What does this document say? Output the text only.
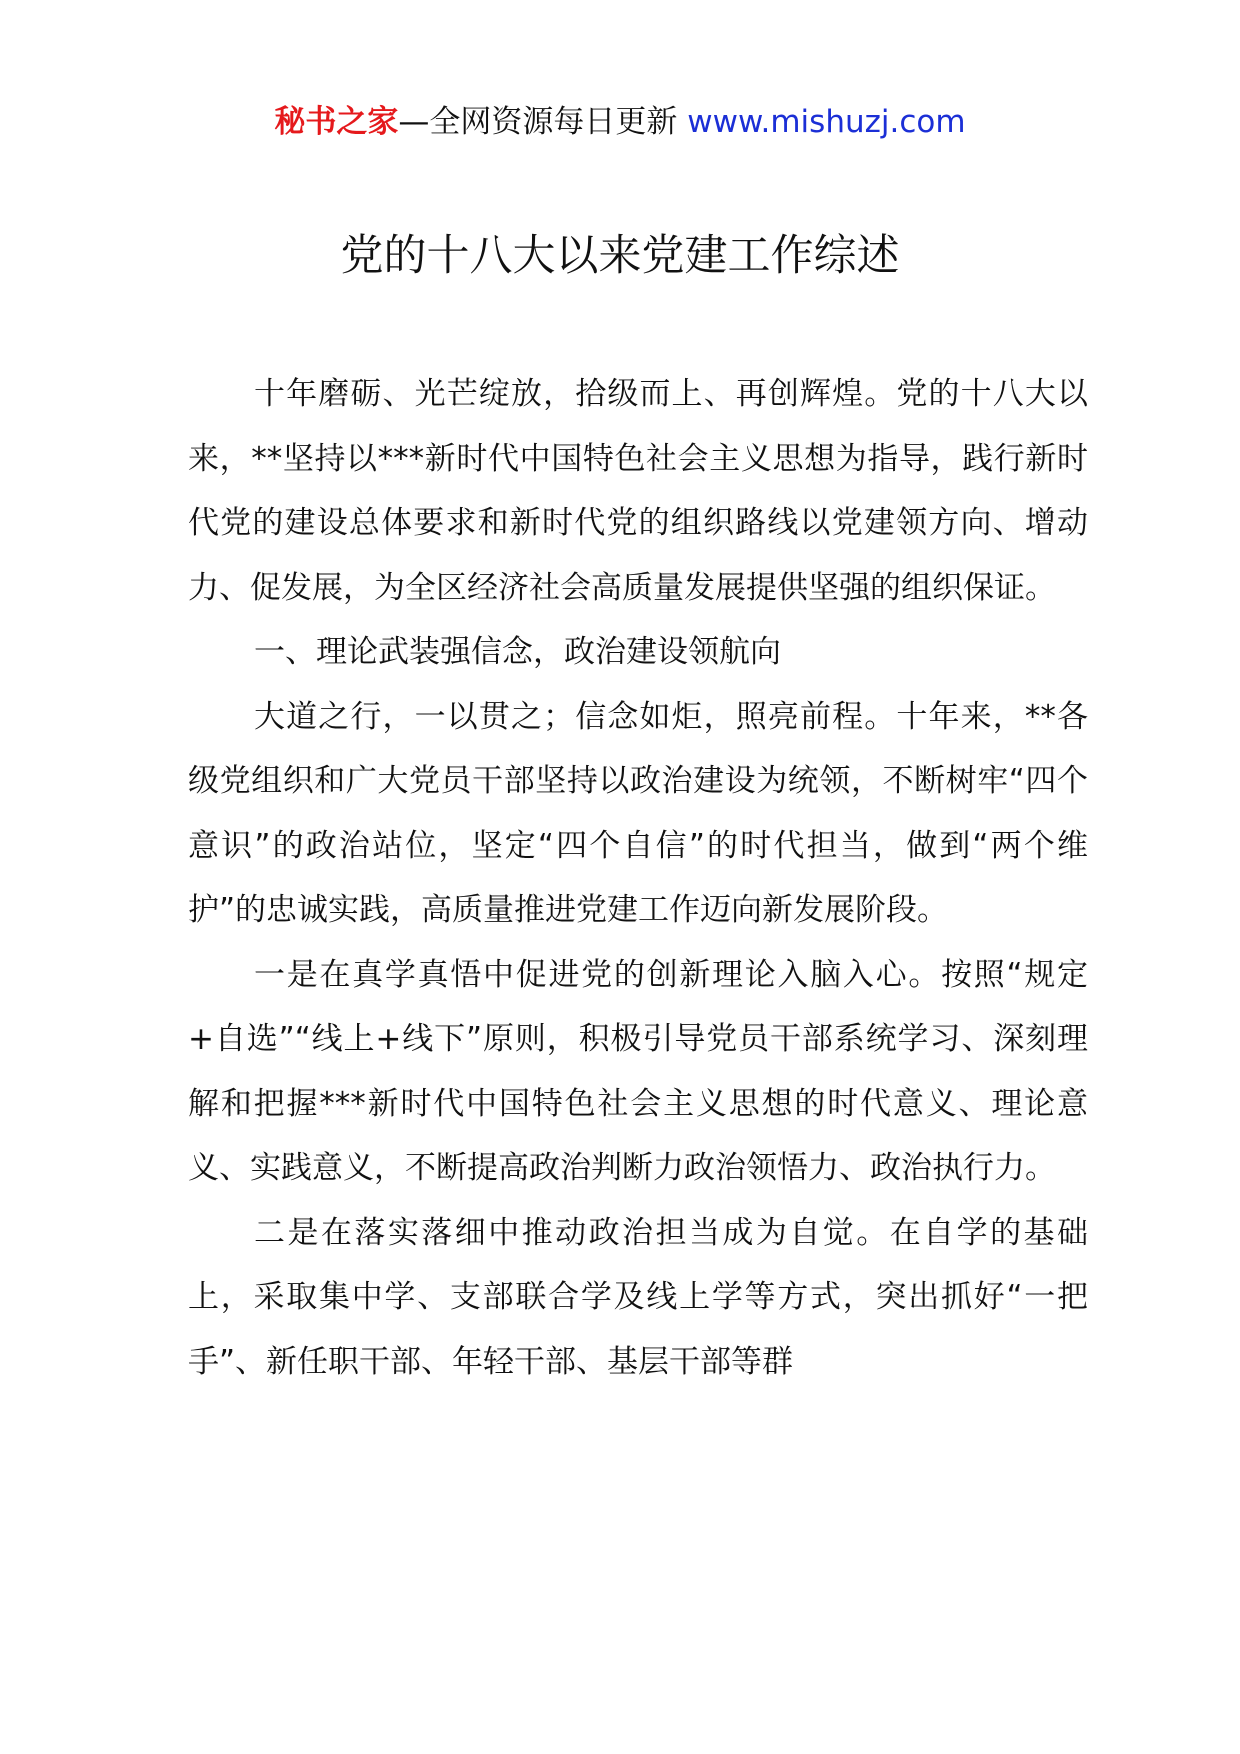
秘书之家—全网资源每日更新 www.mishuzj.com
党的十八大以来党建工作综述

十年磨砺、光芒绽放，拾级而上、再创辉煌。党的十八大以来，**坚持以***新时代中国特色社会主义思想为指导，践行新时代党的建设总体要求和新时代党的组织路线以党建领方向、增动力、促发展，为全区经济社会高质量发展提供坚强的组织保证。

一、理论武装强信念，政治建设领航向

大道之行，一以贯之；信念如炬，照亮前程。十年来，**各级党组织和广大党员干部坚持以政治建设为统领，不断树牢“四个意识”的政治站位，坚定“四个自信”的时代担当，做到“两个维护”的忠诚实践，高质量推进党建工作迈向新发展阶段。

一是在真学真悟中促进党的创新理论入脑入心。按照“规定+自选”“线上+线下”原则，积极引导党员干部系统学习、深刻理解和把握***新时代中国特色社会主义思想的时代意义、理论意义、实践意义，不断提高政治判断力政治领悟力、政治执行力。

二是在落实落细中推动政治担当成为自觉。在自学的基础上，采取集中学、支部联合学及线上学等方式，突出抓好“一把手”、新任职干部、年轻干部、基层干部等群
